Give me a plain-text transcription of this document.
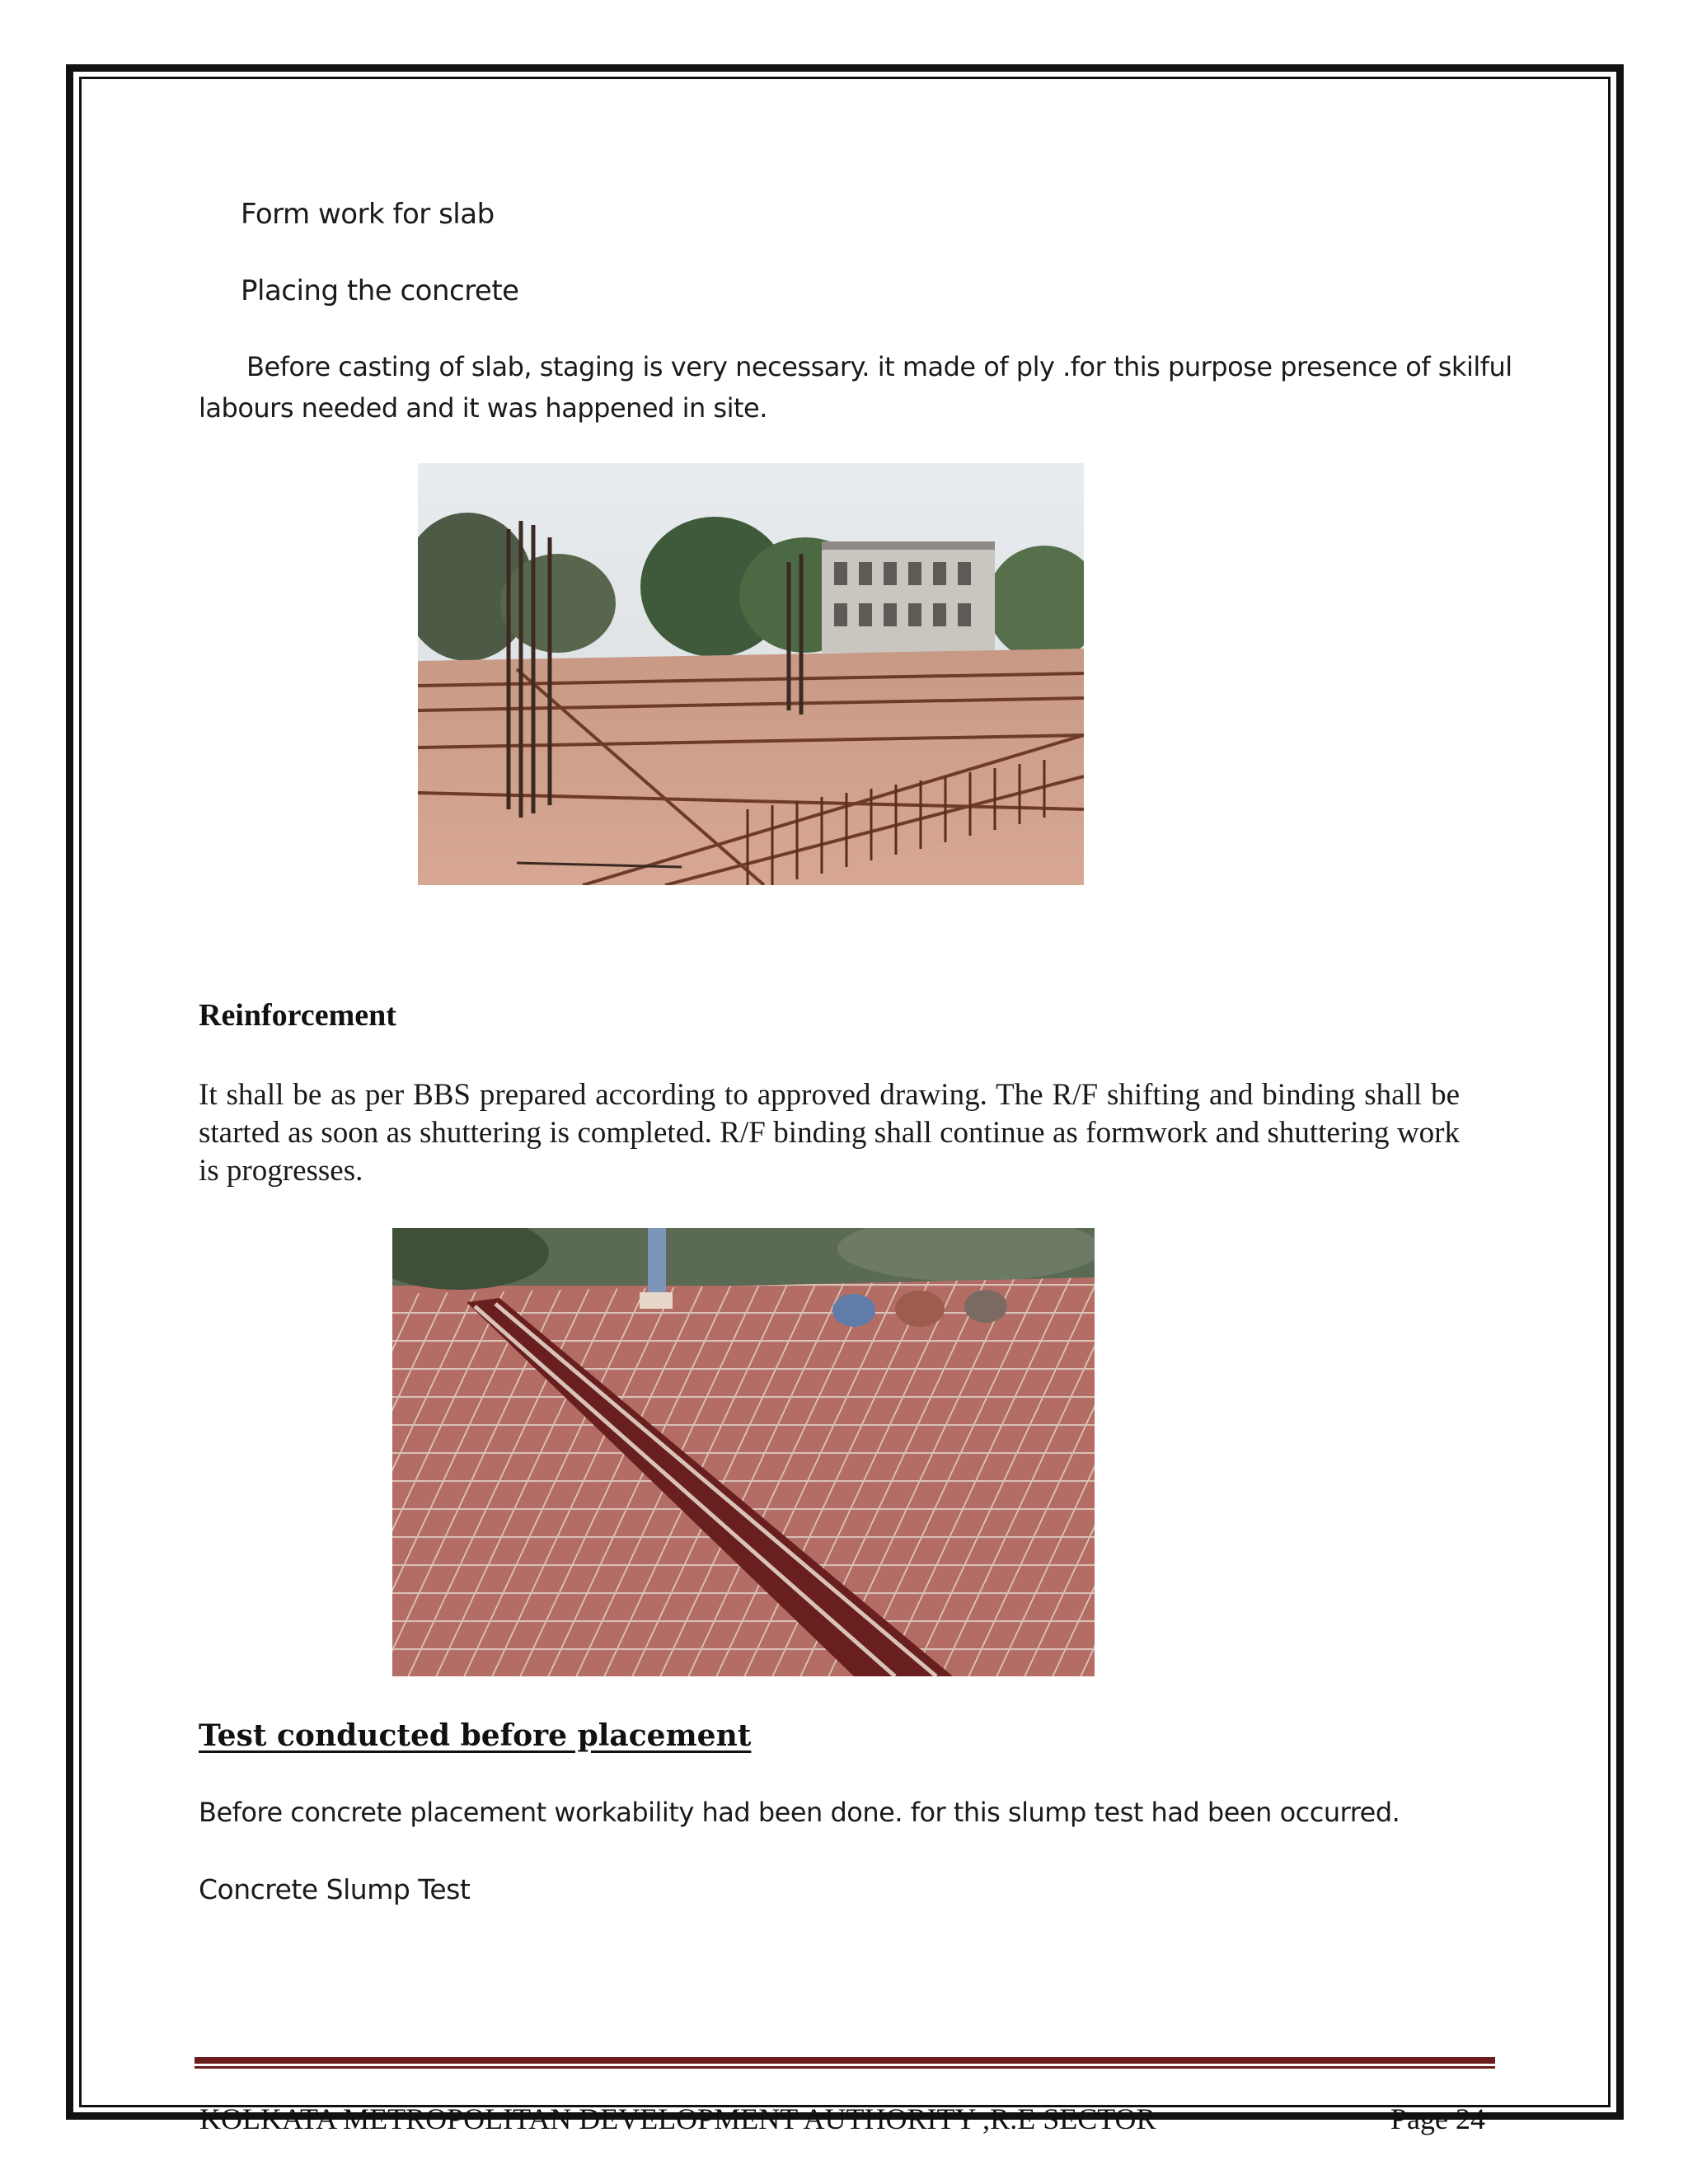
Form work for slab

Placing the concrete

Before casting of slab, staging is very necessary. it made of ply .for this purpose presence of skilful

labours needed and it was happened in site.

Reinforcement

It shall be as per BBS prepared according to approved drawing. The R/F shifting and binding shall be started as soon as shuttering is completed. R/F binding shall continue as formwork and shuttering work is progresses.

Test conducted before placement

Before concrete placement workability had been done. for this slump test had been occurred.

Concrete Slump Test

KOLKATA METROPOLITAN DEVELOPMENT AUTHORITY ,R.E SECTOR	Page 24
